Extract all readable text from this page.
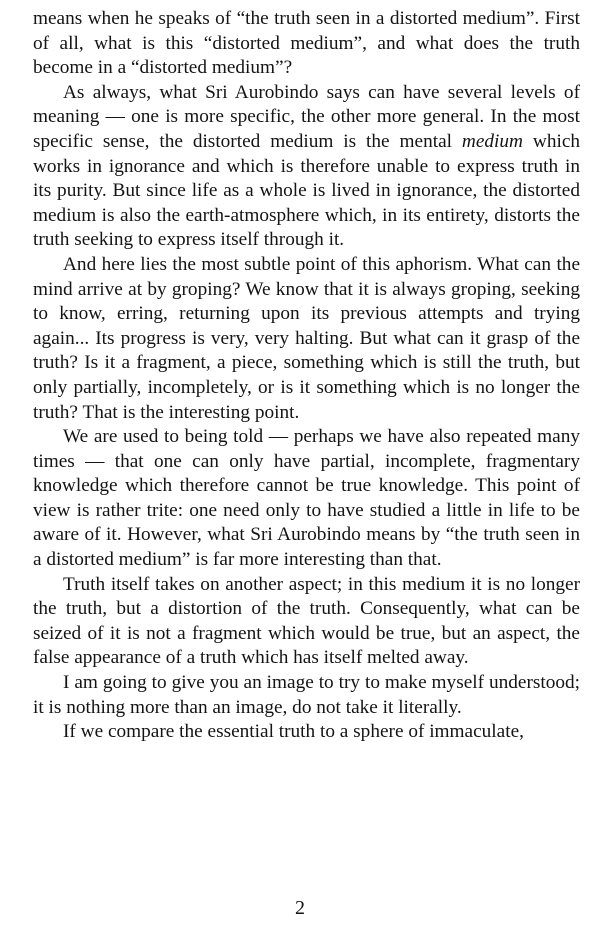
means when he speaks of “the truth seen in a distorted medium”. First of all, what is this “distorted medium”, and what does the truth become in a “distorted medium”?

As always, what Sri Aurobindo says can have several levels of meaning — one is more specific, the other more general. In the most specific sense, the distorted medium is the mental medium which works in ignorance and which is therefore unable to express truth in its purity. But since life as a whole is lived in ignorance, the distorted medium is also the earth-atmosphere which, in its entirety, distorts the truth seeking to express itself through it.

And here lies the most subtle point of this aphorism. What can the mind arrive at by groping? We know that it is always groping, seeking to know, erring, returning upon its previous attempts and trying again... Its progress is very, very halting. But what can it grasp of the truth? Is it a fragment, a piece, something which is still the truth, but only partially, incompletely, or is it something which is no longer the truth? That is the interesting point.

We are used to being told — perhaps we have also repeated many times — that one can only have partial, incomplete, fragmentary knowledge which therefore cannot be true knowledge. This point of view is rather trite: one need only to have studied a little in life to be aware of it. However, what Sri Aurobindo means by “the truth seen in a distorted medium” is far more interesting than that.

Truth itself takes on another aspect; in this medium it is no longer the truth, but a distortion of the truth. Consequently, what can be seized of it is not a fragment which would be true, but an aspect, the false appearance of a truth which has itself melted away.

I am going to give you an image to try to make myself understood; it is nothing more than an image, do not take it literally.

If we compare the essential truth to a sphere of immaculate,

2
